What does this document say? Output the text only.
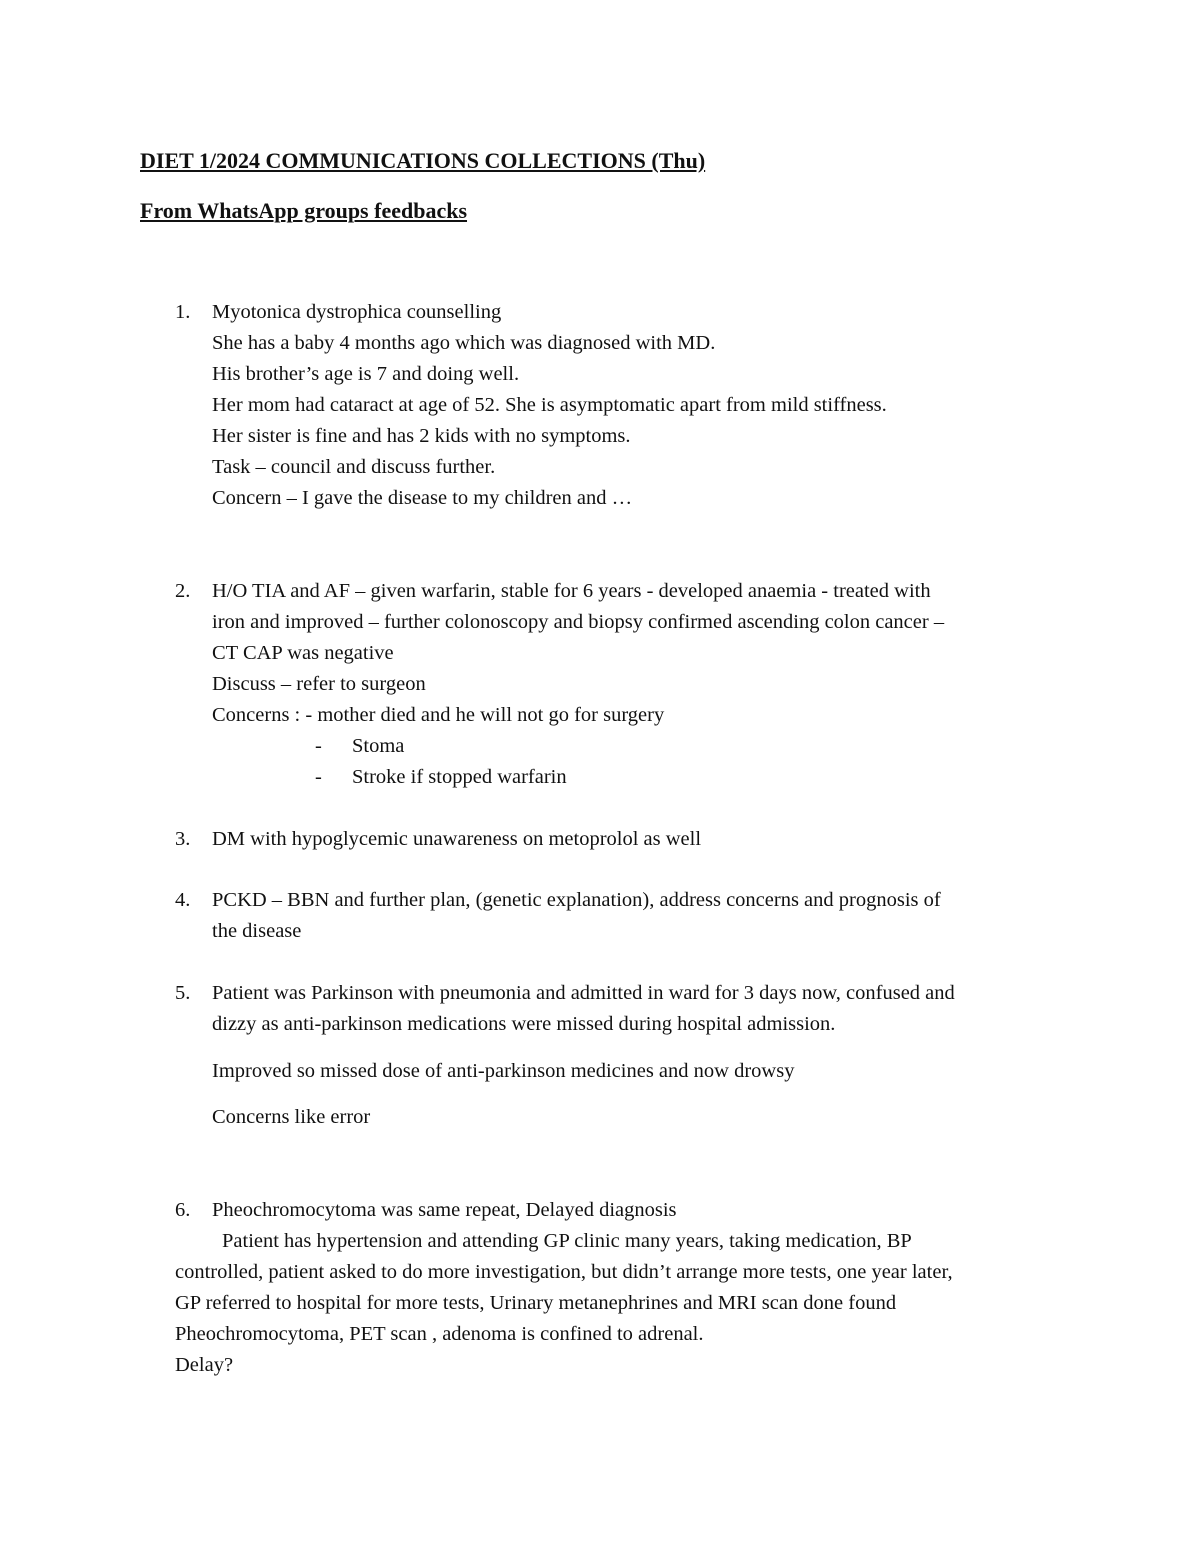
DIET 1/2024 COMMUNICATIONS COLLECTIONS (Thu)
From WhatsApp groups feedbacks
1. Myotonica dystrophica counselling
She has a baby 4 months ago which was diagnosed with MD.
His brother’s age is 7 and doing well.
Her mom had cataract at age of 52. She is asymptomatic apart from mild stiffness.
Her sister is fine and has 2 kids with no symptoms.
Task – council and discuss further.
Concern – I gave the disease to my children and …
2. H/O TIA and AF – given warfarin, stable for 6 years - developed anaemia - treated with
iron and improved – further colonoscopy and biopsy confirmed ascending colon cancer –
CT CAP was negative
Discuss – refer to surgeon
Concerns : - mother died and he will not go for surgery
- Stoma
- Stroke if stopped warfarin
3. DM with hypoglycemic unawareness on metoprolol as well
4. PCKD – BBN and further plan, (genetic explanation), address concerns and prognosis of
the disease
5. Patient was Parkinson with pneumonia and admitted in ward for 3 days now, confused and
dizzy as anti-parkinson medications were missed during hospital admission.
Improved so missed dose of anti-parkinson medicines and now drowsy
Concerns like error
6. Pheochromocytoma was same repeat, Delayed diagnosis
Patient has hypertension and attending GP clinic many years, taking medication, BP
controlled, patient asked to do more investigation, but didn’t arrange more tests, one year later,
GP referred to hospital for more tests, Urinary metanephrines and MRI scan done found
Pheochromocytoma, PET scan , adenoma is confined to adrenal.
Delay?
